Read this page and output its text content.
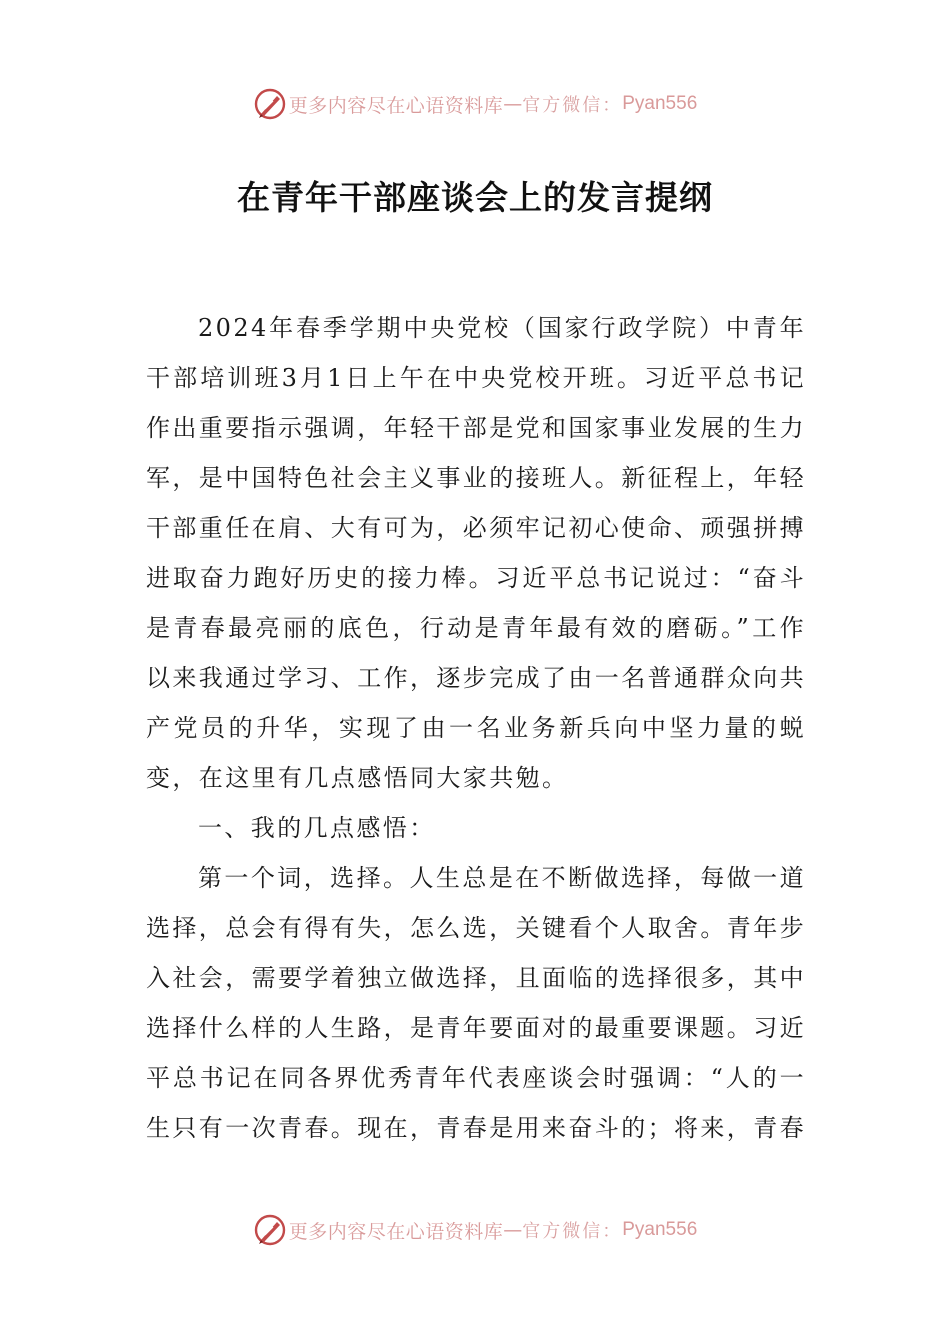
更多内容尽在心语资料库 — 官方微信： Pyan556
在青年干部座谈会上的发言提纲

2024年春季学期中央党校（国家行政学院）中青年干部培训班3月1日上午在中央党校开班。习近平总书记作出重要指示强调，年轻干部是党和国家事业发展的生力军，是中国特色社会主义事业的接班人。新征程上，年轻干部重任在肩、大有可为，必须牢记初心使命、顽强拼搏进取奋力跑好历史的接力棒。习近平总书记说过：“奋斗是青春最亮丽的底色，行动是青年最有效的磨砺。”工作以来我通过学习、工作，逐步完成了由一名普通群众向共产党员的升华，实现了由一名业务新兵向中坚力量的蜕变，在这里有几点感悟同大家共勉。

一、我的几点感悟：

第一个词，选择。人生总是在不断做选择，每做一道选择，总会有得有失，怎么选，关键看个人取舍。青年步入社会，需要学着独立做选择，且面临的选择很多，其中选择什么样的人生路，是青年要面对的最重要课题。习近平总书记在同各界优秀青年代表座谈会时强调：“人的一生只有一次青春。现在，青春是用来奋斗的；将来，青春

更多内容尽在心语资料库 — 官方微信： Pyan556
